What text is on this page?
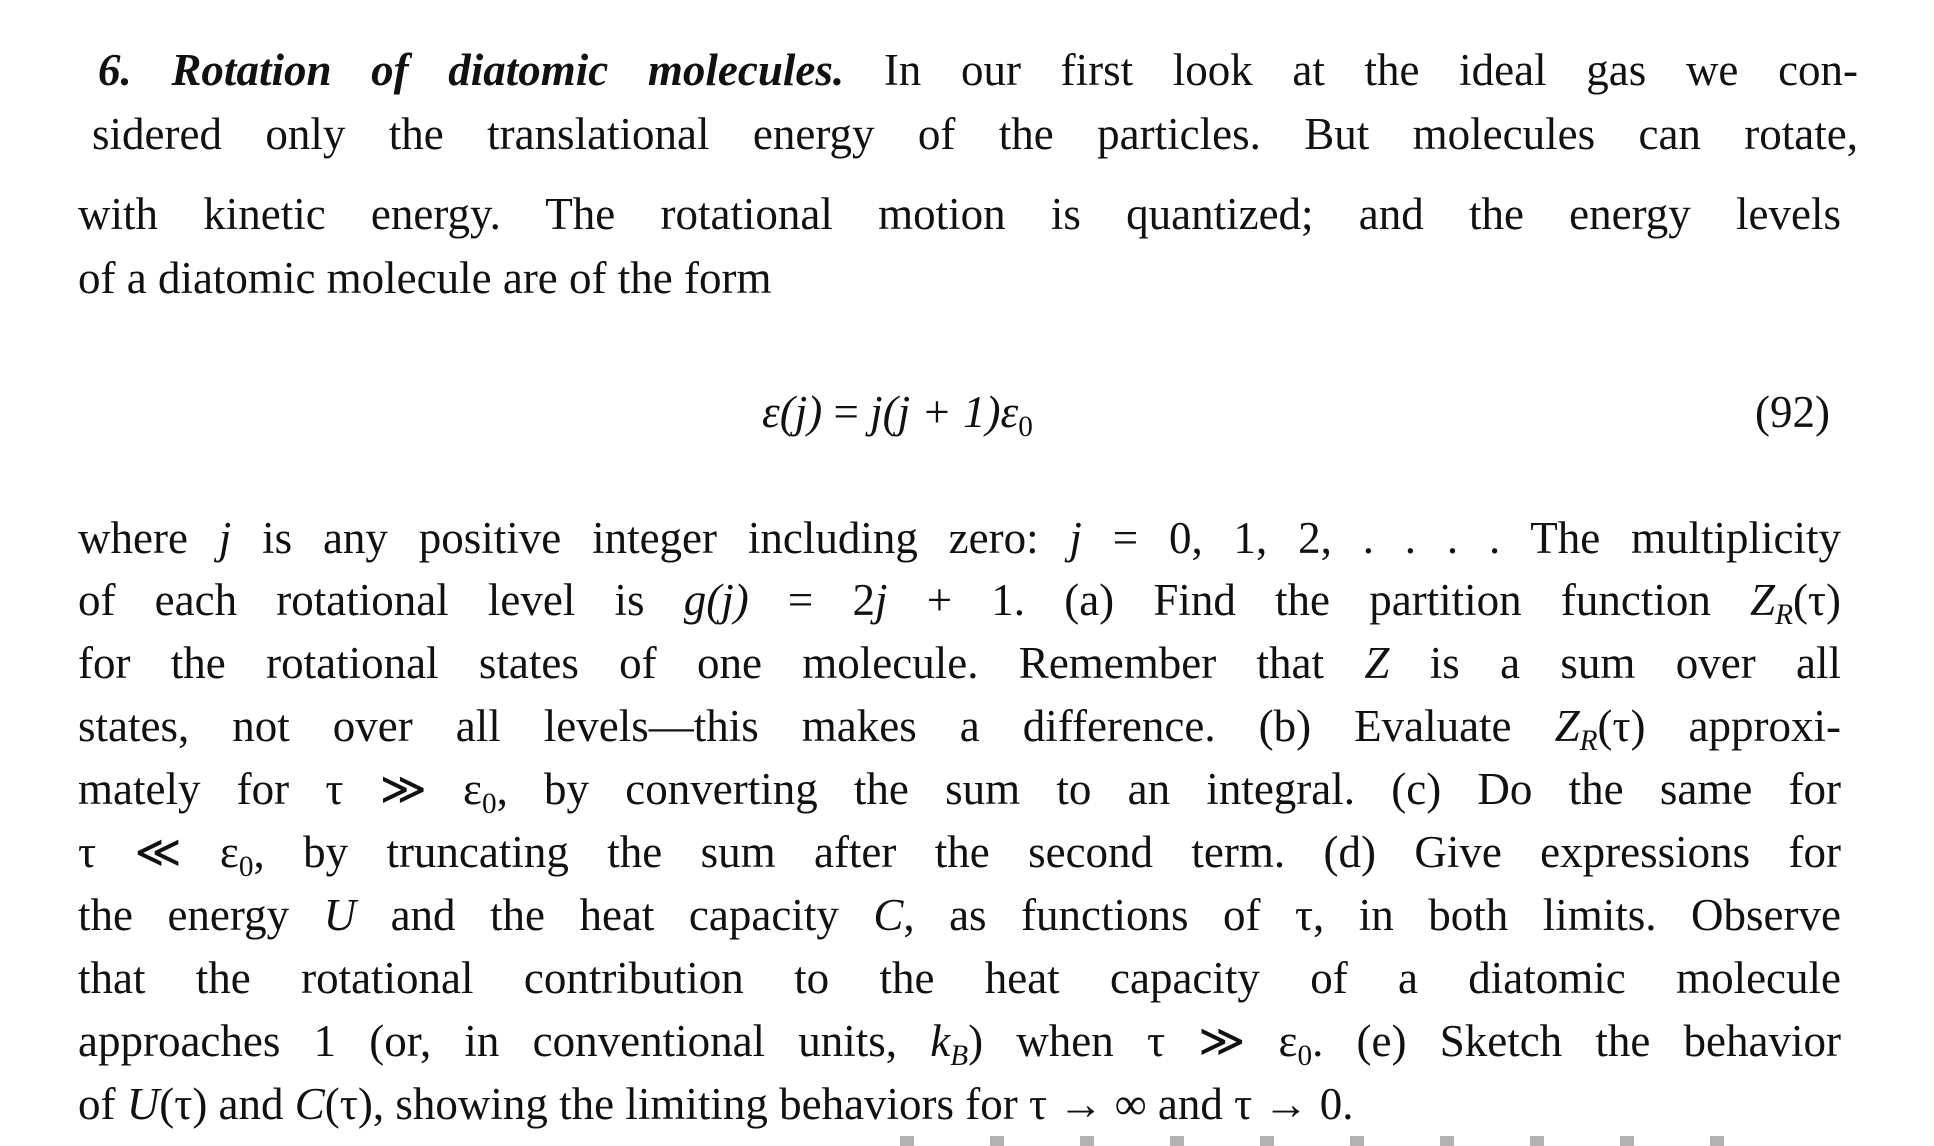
6. Rotation of diatomic molecules. In our first look at the ideal gas we con-
sidered only the translational energy of the particles. But molecules can rotate,
with kinetic energy. The rotational motion is quantized; and the energy levels
of a diatomic molecule are of the form
$\varepsilon(j) = j(j + 1)\varepsilon_0$	(92)
where j is any positive integer including zero: j = 0, 1, 2, . . . . The multiplicity
of each rotational level is g(j) = 2j + 1. (a) Find the partition function $Z_R(\tau)$
for the rotational states of one molecule. Remember that Z is a sum over all
states, not over all levels—this makes a difference. (b) Evaluate $Z_R(\tau)$ approxi-
mately for τ ≫ $\varepsilon_0$, by converting the sum to an integral. (c) Do the same for
τ ≪ $\varepsilon_0$, by truncating the sum after the second term. (d) Give expressions for
the energy U and the heat capacity C, as functions of τ, in both limits. Observe
that the rotational contribution to the heat capacity of a diatomic molecule
approaches 1 (or, in conventional units, $k_B$) when τ ≫ $\varepsilon_0$. (e) Sketch the behavior
of U(τ) and C(τ), showing the limiting behaviors for τ → ∞ and τ → 0.
